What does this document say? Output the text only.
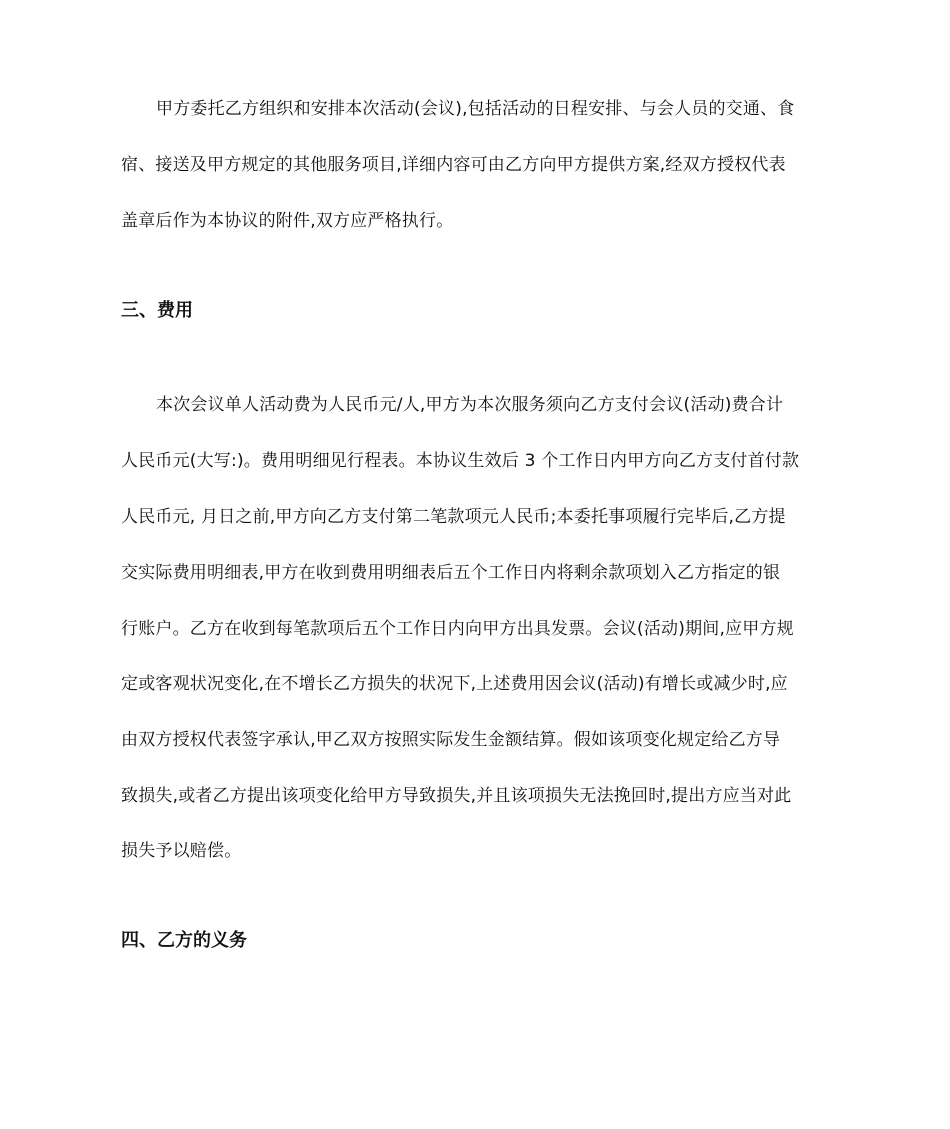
甲方委托乙方组织和安排本次活动(会议),包括活动的日程安排、与会人员的交通、食
宿、接送及甲方规定的其他服务项目,详细内容可由乙方向甲方提供方案,经双方授权代表
盖章后作为本协议的附件,双方应严格执行。
三、费用
本次会议单人活动费为人民币元/人,甲方为本次服务须向乙方支付会议(活动)费合计
人民币元(大写:)。费用明细见行程表。本协议生效后 3 个工作日内甲方向乙方支付首付款
人民币元, 月日之前,甲方向乙方支付第二笔款项元人民币;本委托事项履行完毕后,乙方提
交实际费用明细表,甲方在收到费用明细表后五个工作日内将剩余款项划入乙方指定的银
行账户。乙方在收到每笔款项后五个工作日内向甲方出具发票。会议(活动)期间,应甲方规
定或客观状况变化,在不增长乙方损失的状况下,上述费用因会议(活动)有增长或减少时,应
由双方授权代表签字承认,甲乙双方按照实际发生金额结算。假如该项变化规定给乙方导
致损失,或者乙方提出该项变化给甲方导致损失,并且该项损失无法挽回时,提出方应当对此
损失予以赔偿。
四、乙方的义务
